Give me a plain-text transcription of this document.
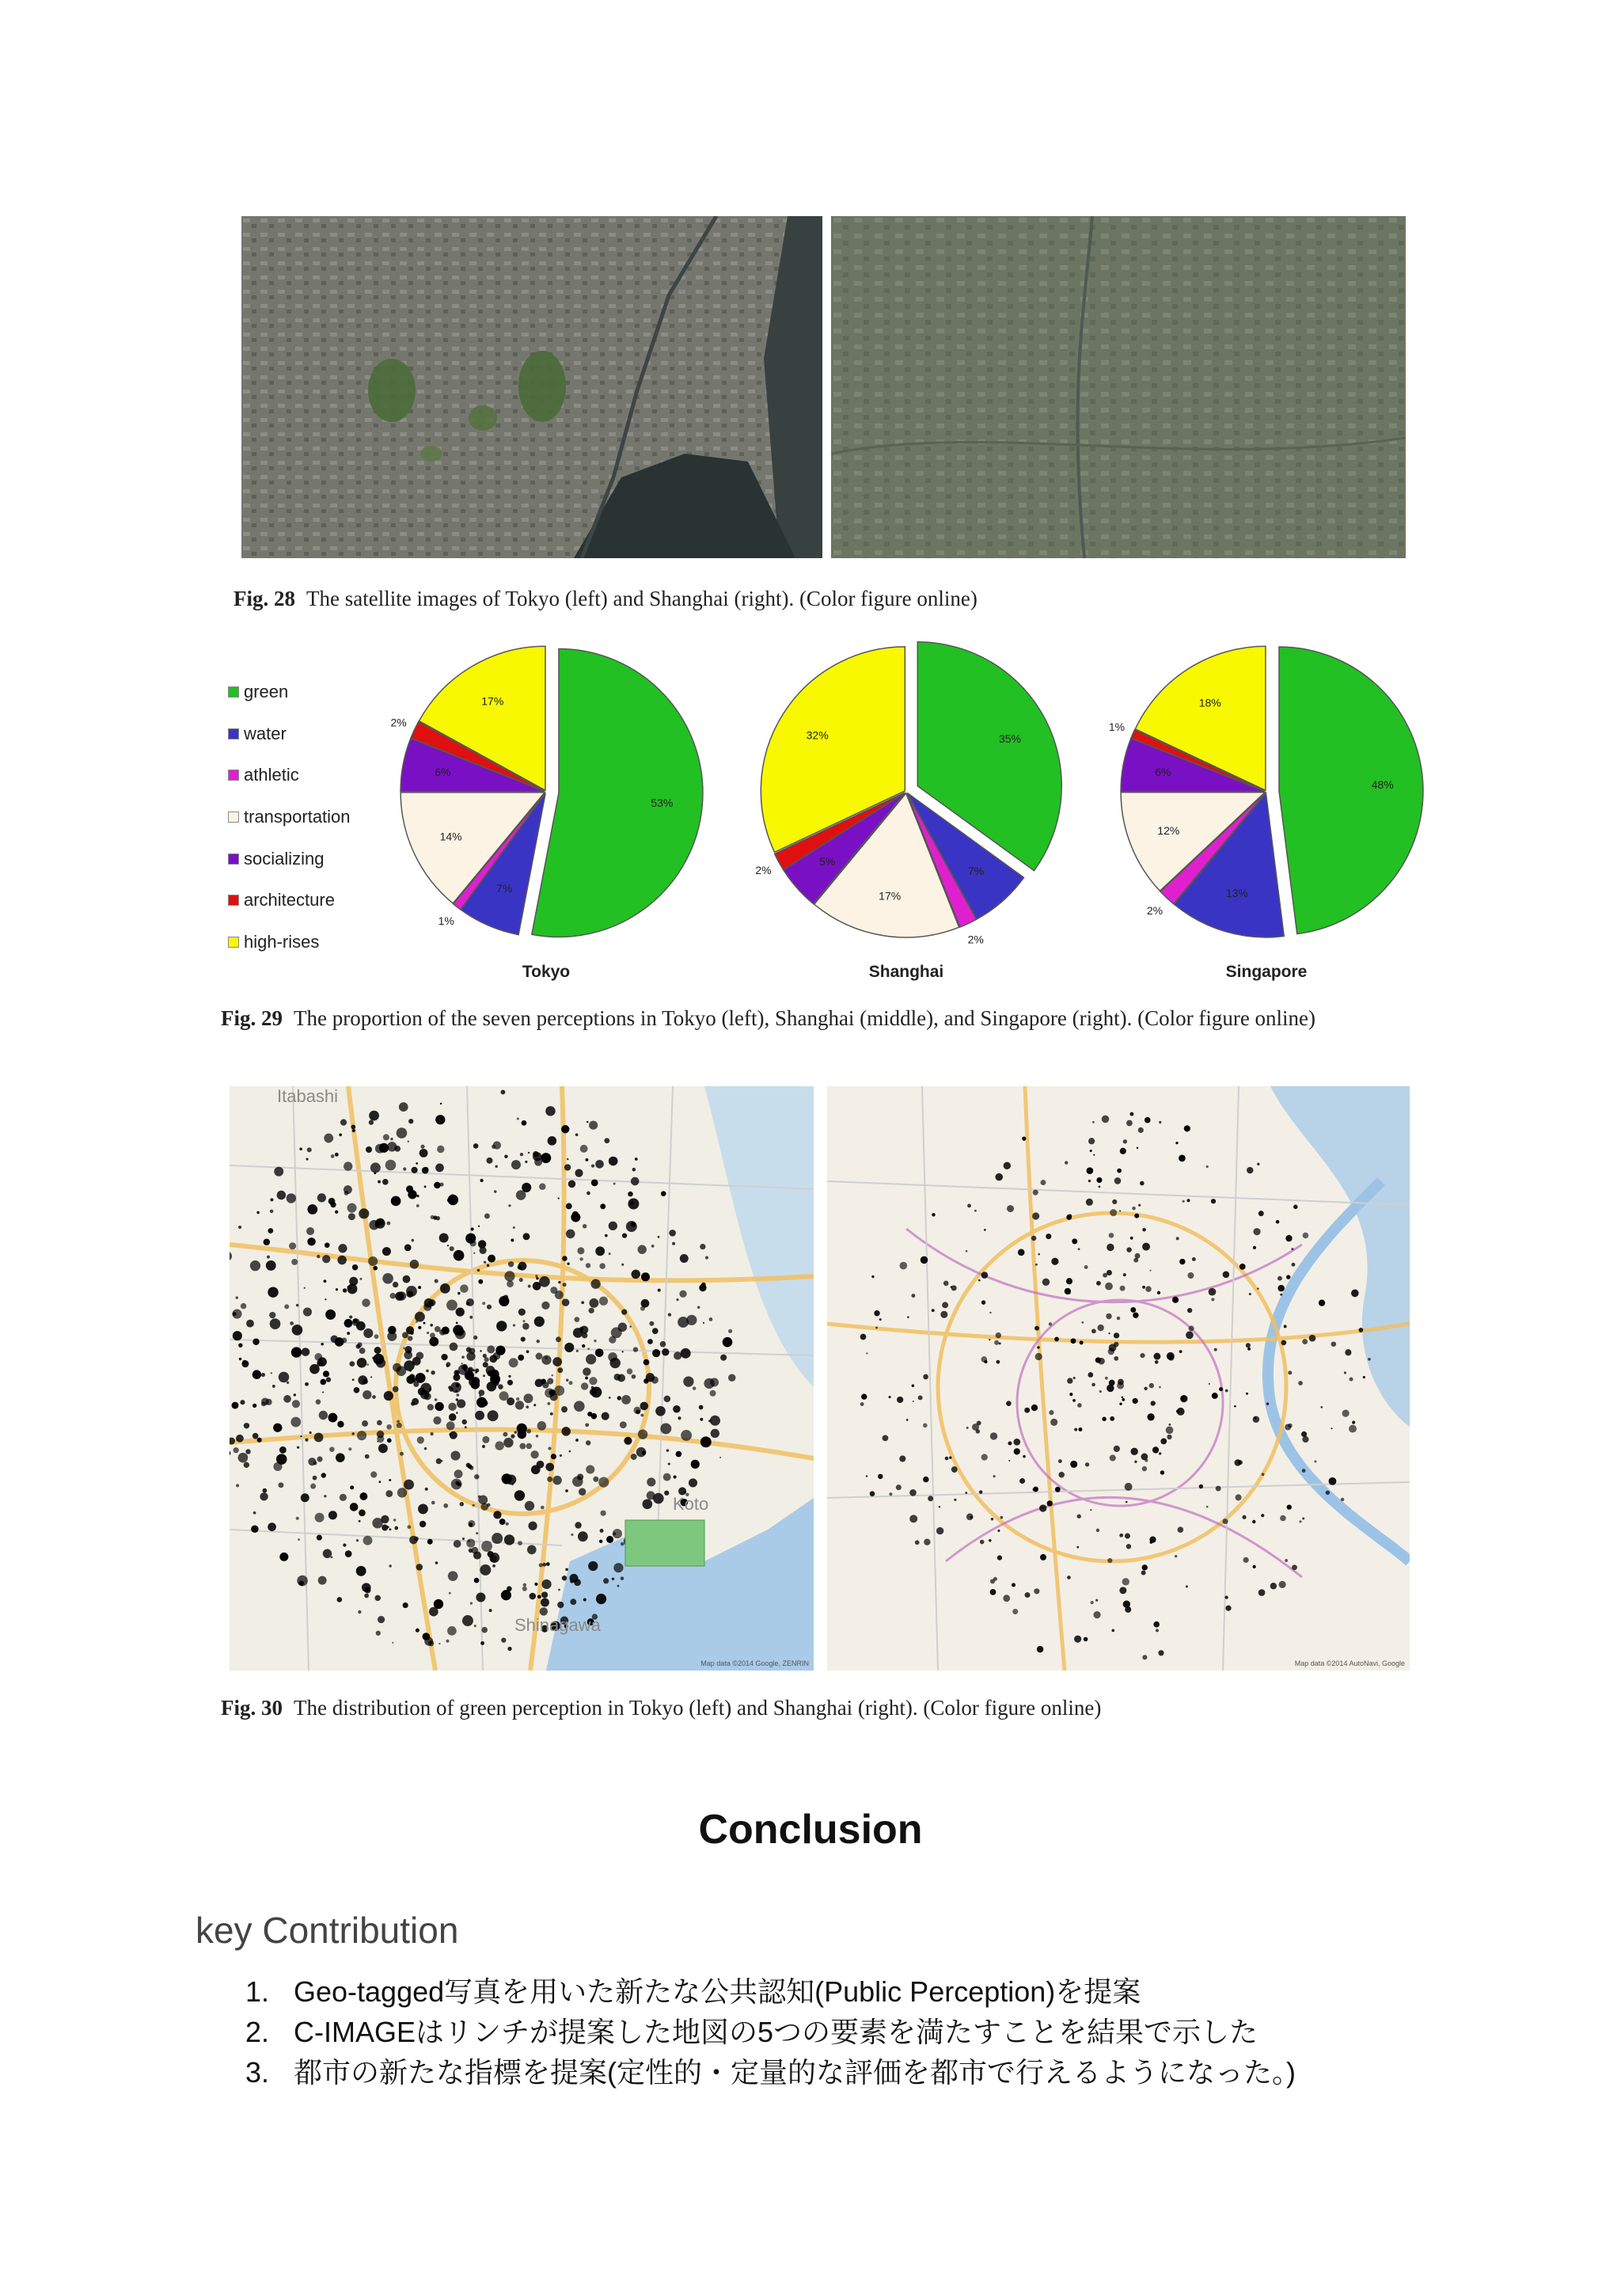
Fig. 28 The satellite images of Tokyo (left) and Shanghai (right). (Color figure online)
green
water
athletic
transportation
socializing
architecture
high-rises
53%
7%
1%
14%
6%
2%
17%
Tokyo
35%
7%
2%
17%
5%
2%
32%
Shanghai
48%
13%
2%
12%
6%
1%
18%
Singapore
Fig. 29 The proportion of the seven perceptions in Tokyo (left), Shanghai (middle), and Singapore (right). (Color figure online)
Itabashi
Koto
Shinagawa
Map data ©2014 Google, ZENRIN	Map data ©2014 AutoNavi, Google
Fig. 30 The distribution of green perception in Tokyo (left) and Shanghai (right). (Color figure online)
Conclusion
key Contribution
1. Geo-tagged写真を用いた新たな公共認知(Public Perception)を提案
2. C-IMAGEはリンチが提案した地図の5つの要素を満たすことを結果で示した
3. 都市の新たな指標を提案(定性的・定量的な評価を都市で行えるようになった。)
